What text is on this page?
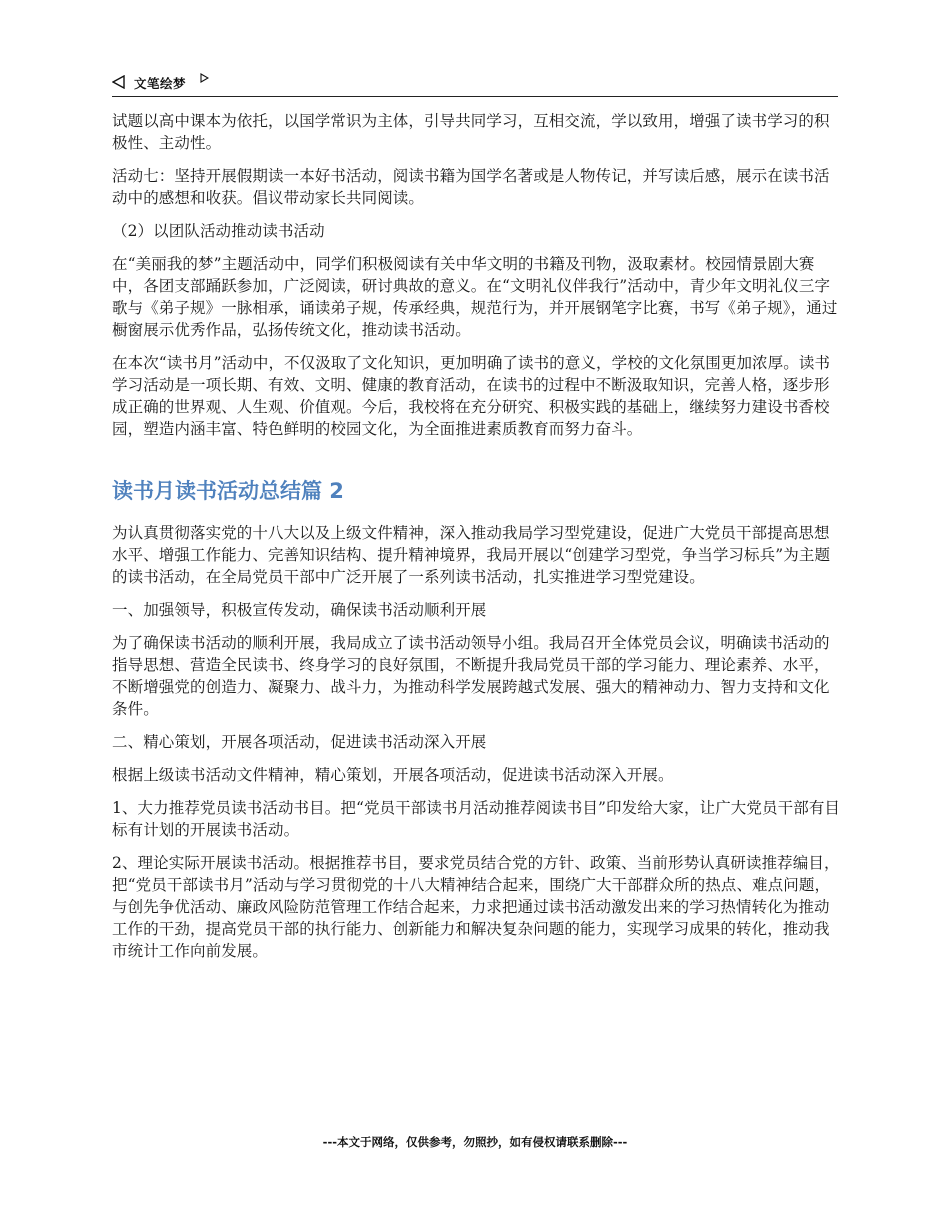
文笔绘梦

试题以高中课本为依托，以国学常识为主体，引导共同学习，互相交流，学以致用，增强了读书学习的积极性、主动性。

活动七：坚持开展假期读一本好书活动，阅读书籍为国学名著或是人物传记，并写读后感，展示在读书活动中的感想和收获。倡议带动家长共同阅读。

（2）以团队活动推动读书活动

在“美丽我的梦”主题活动中，同学们积极阅读有关中华文明的书籍及刊物，汲取素材。校园情景剧大赛中，各团支部踊跃参加，广泛阅读，研讨典故的意义。在“文明礼仪伴我行”活动中，青少年文明礼仪三字歌与《弟子规》一脉相承，诵读弟子规，传承经典，规范行为，并开展钢笔字比赛，书写《弟子规》，通过橱窗展示优秀作品，弘扬传统文化，推动读书活动。

在本次“读书月”活动中，不仅汲取了文化知识，更加明确了读书的意义，学校的文化氛围更加浓厚。读书学习活动是一项长期、有效、文明、健康的教育活动，在读书的过程中不断汲取知识，完善人格，逐步形成正确的世界观、人生观、价值观。今后，我校将在充分研究、积极实践的基础上，继续努力建设书香校园，塑造内涵丰富、特色鲜明的校园文化，为全面推进素质教育而努力奋斗。

读书月读书活动总结篇 2

为认真贯彻落实党的十八大以及上级文件精神，深入推动我局学习型党建设，促进广大党员干部提高思想水平、增强工作能力、完善知识结构、提升精神境界，我局开展以“创建学习型党，争当学习标兵”为主题的读书活动，在全局党员干部中广泛开展了一系列读书活动，扎实推进学习型党建设。

一、加强领导，积极宣传发动，确保读书活动顺利开展

为了确保读书活动的顺利开展，我局成立了读书活动领导小组。我局召开全体党员会议，明确读书活动的指导思想、营造全民读书、终身学习的良好氛围，不断提升我局党员干部的学习能力、理论素养、水平，不断增强党的创造力、凝聚力、战斗力，为推动科学发展跨越式发展、强大的精神动力、智力支持和文化条件。

二、精心策划，开展各项活动，促进读书活动深入开展

根据上级读书活动文件精神，精心策划，开展各项活动，促进读书活动深入开展。

1、大力推荐党员读书活动书目。把“党员干部读书月活动推荐阅读书目”印发给大家，让广大党员干部有目标有计划的开展读书活动。

2、理论实际开展读书活动。根据推荐书目，要求党员结合党的方针、政策、当前形势认真研读推荐编目，把“党员干部读书月”活动与学习贯彻党的十八大精神结合起来，围绕广大干部群众所的热点、难点问题，与创先争优活动、廉政风险防范管理工作结合起来，力求把通过读书活动激发出来的学习热情转化为推动工作的干劲，提高党员干部的执行能力、创新能力和解决复杂问题的能力，实现学习成果的转化，推动我市统计工作向前发展。

---本文于网络，仅供参考，勿照抄，如有侵权请联系删除---
